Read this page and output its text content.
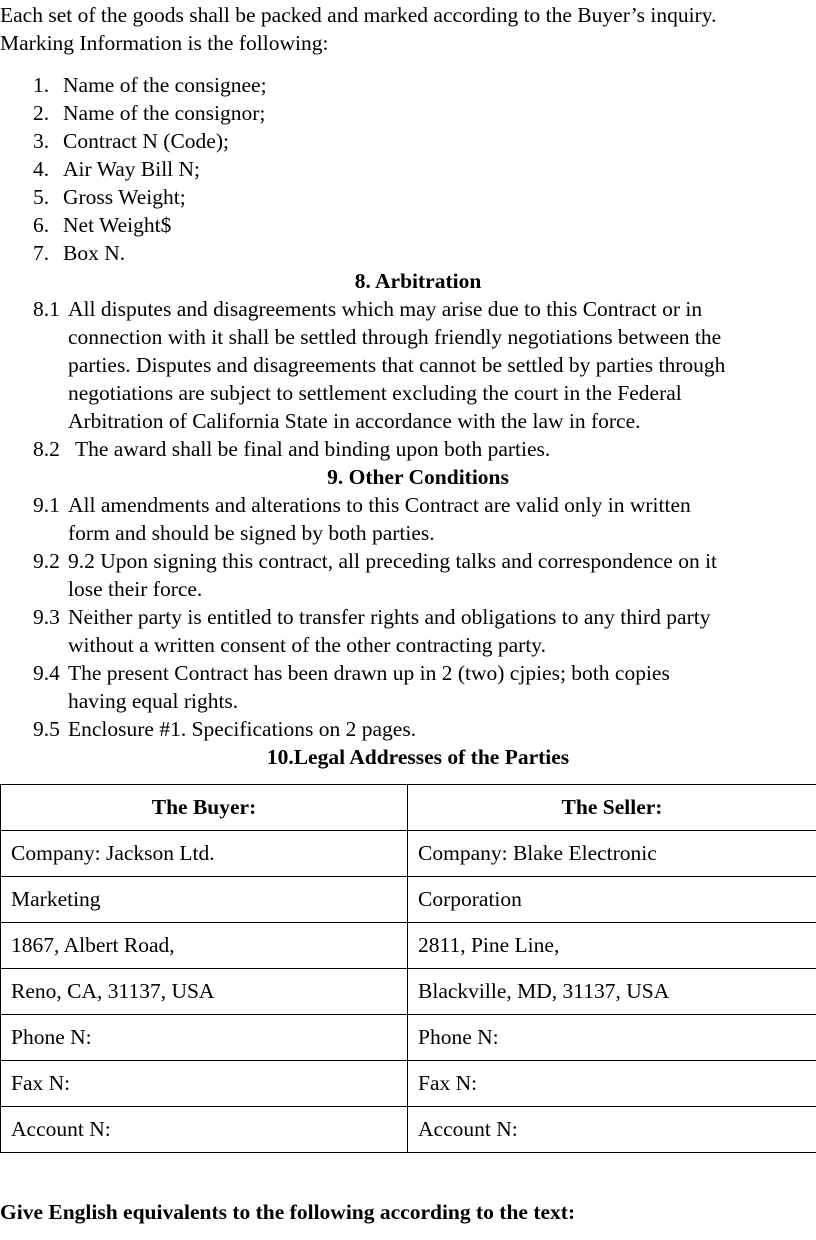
Each set of the goods shall be packed and marked according to the Buyer’s inquiry.
Marking Information is the following:
1. Name of the consignee;
2. Name of the consignor;
3. Contract N (Code);
4. Air Way Bill N;
5. Gross Weight;
6. Net Weight$
7. Box N.
8. Arbitration
8.1 All disputes and disagreements which may arise due to this Contract or in
connection with it shall be settled through friendly negotiations between the
parties. Disputes and disagreements that cannot be settled by parties through
negotiations are subject to settlement excluding the court in the Federal
Arbitration of California State in accordance with the law in force.
8.2 The award shall be final and binding upon both parties.
9. Other Conditions
9.1 All amendments and alterations to this Contract are valid only in written
form and should be signed by both parties.
9.2 9.2 Upon signing this contract, all preceding talks and correspondence on it
lose their force.
9.3 Neither party is entitled to transfer rights and obligations to any third party
without a written consent of the other contracting party.
9.4 The present Contract has been drawn up in 2 (two) cjpies; both copies
having equal rights.
9.5 Enclosure #1. Specifications on 2 pages.
10.Legal Addresses of the Parties
The Buyer:	The Seller:
Company: Jackson Ltd.	Company: Blake Electronic
Marketing	Corporation
1867, Albert Road,	2811, Pine Line,
Reno, CA, 31137, USA	Blackville, MD, 31137, USA
Phone N:	Phone N:
Fax N:	Fax N:
Account N:	Account N:
Give English equivalents to the following according to the text:
